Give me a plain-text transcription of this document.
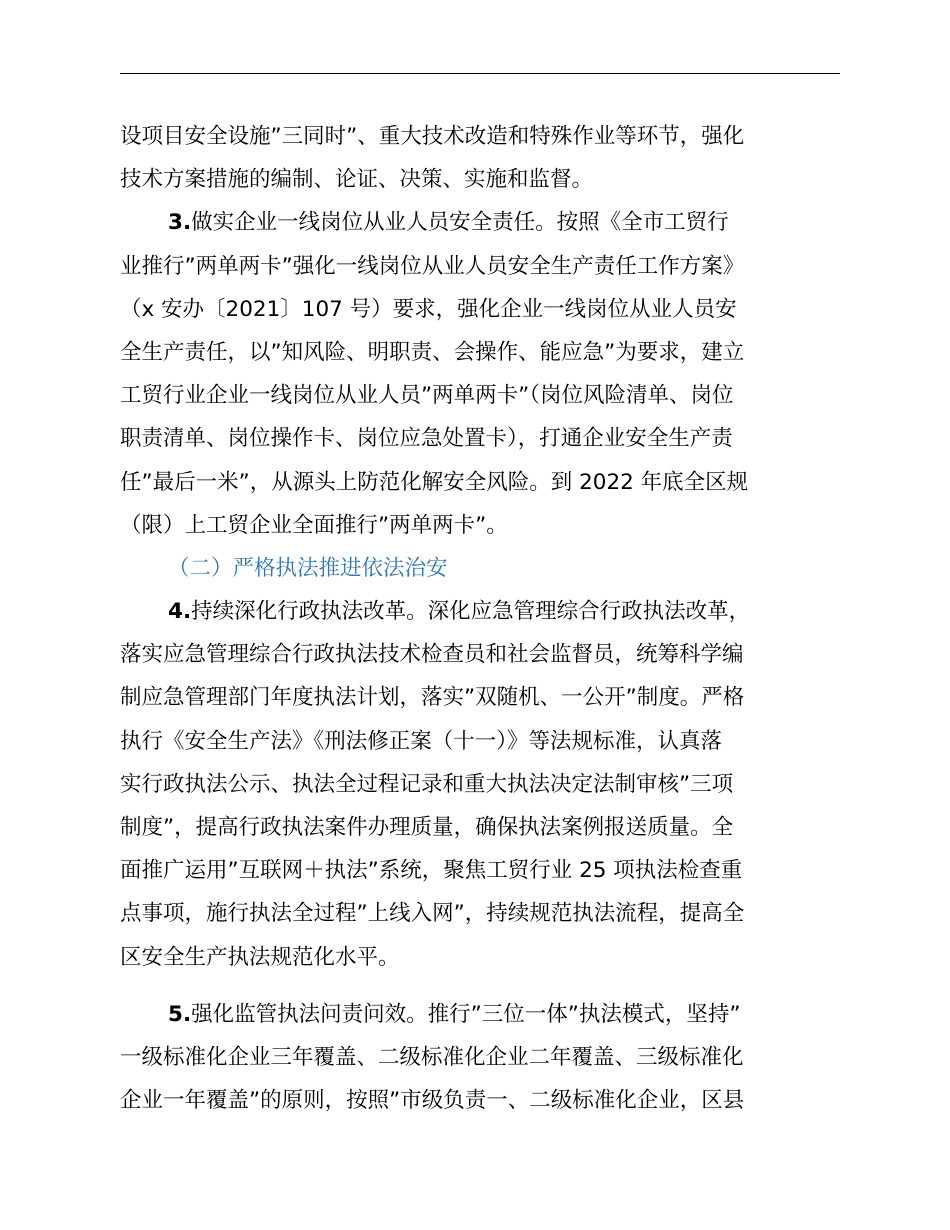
设项目安全设施”三同时”、重大技术改造和特殊作业等环节，强化
技术方案措施的编制、论证、决策、实施和监督。
3.做实企业一线岗位从业人员安全责任。按照《全市工贸行
业推行”两单两卡”强化一线岗位从业人员安全生产责任工作方案》
（x 安办〔2021〕107 号）要求，强化企业一线岗位从业人员安
全生产责任，以”知风险、明职责、会操作、能应急”为要求，建立
工贸行业企业一线岗位从业人员”两单两卡”（岗位风险清单、岗位
职责清单、岗位操作卡、岗位应急处置卡），打通企业安全生产责
任”最后一米”，从源头上防范化解安全风险。到 2022 年底全区规
（限）上工贸企业全面推行”两单两卡”。
（二）严格执法推进依法治安
4.持续深化行政执法改革。深化应急管理综合行政执法改革，
落实应急管理综合行政执法技术检查员和社会监督员，统筹科学编
制应急管理部门年度执法计划，落实”双随机、一公开”制度。严格
执行《安全生产法》《刑法修正案（十一）》等法规标准，认真落
实行政执法公示、执法全过程记录和重大执法决定法制审核”三项
制度”，提高行政执法案件办理质量，确保执法案例报送质量。全
面推广运用”互联网＋执法”系统，聚焦工贸行业 25 项执法检查重
点事项，施行执法全过程”上线入网”，持续规范执法流程，提高全
区安全生产执法规范化水平。
5.强化监管执法问责问效。推行”三位一体”执法模式，坚持”
一级标准化企业三年覆盖、二级标准化企业二年覆盖、三级标准化
企业一年覆盖”的原则，按照”市级负责一、二级标准化企业，区县
